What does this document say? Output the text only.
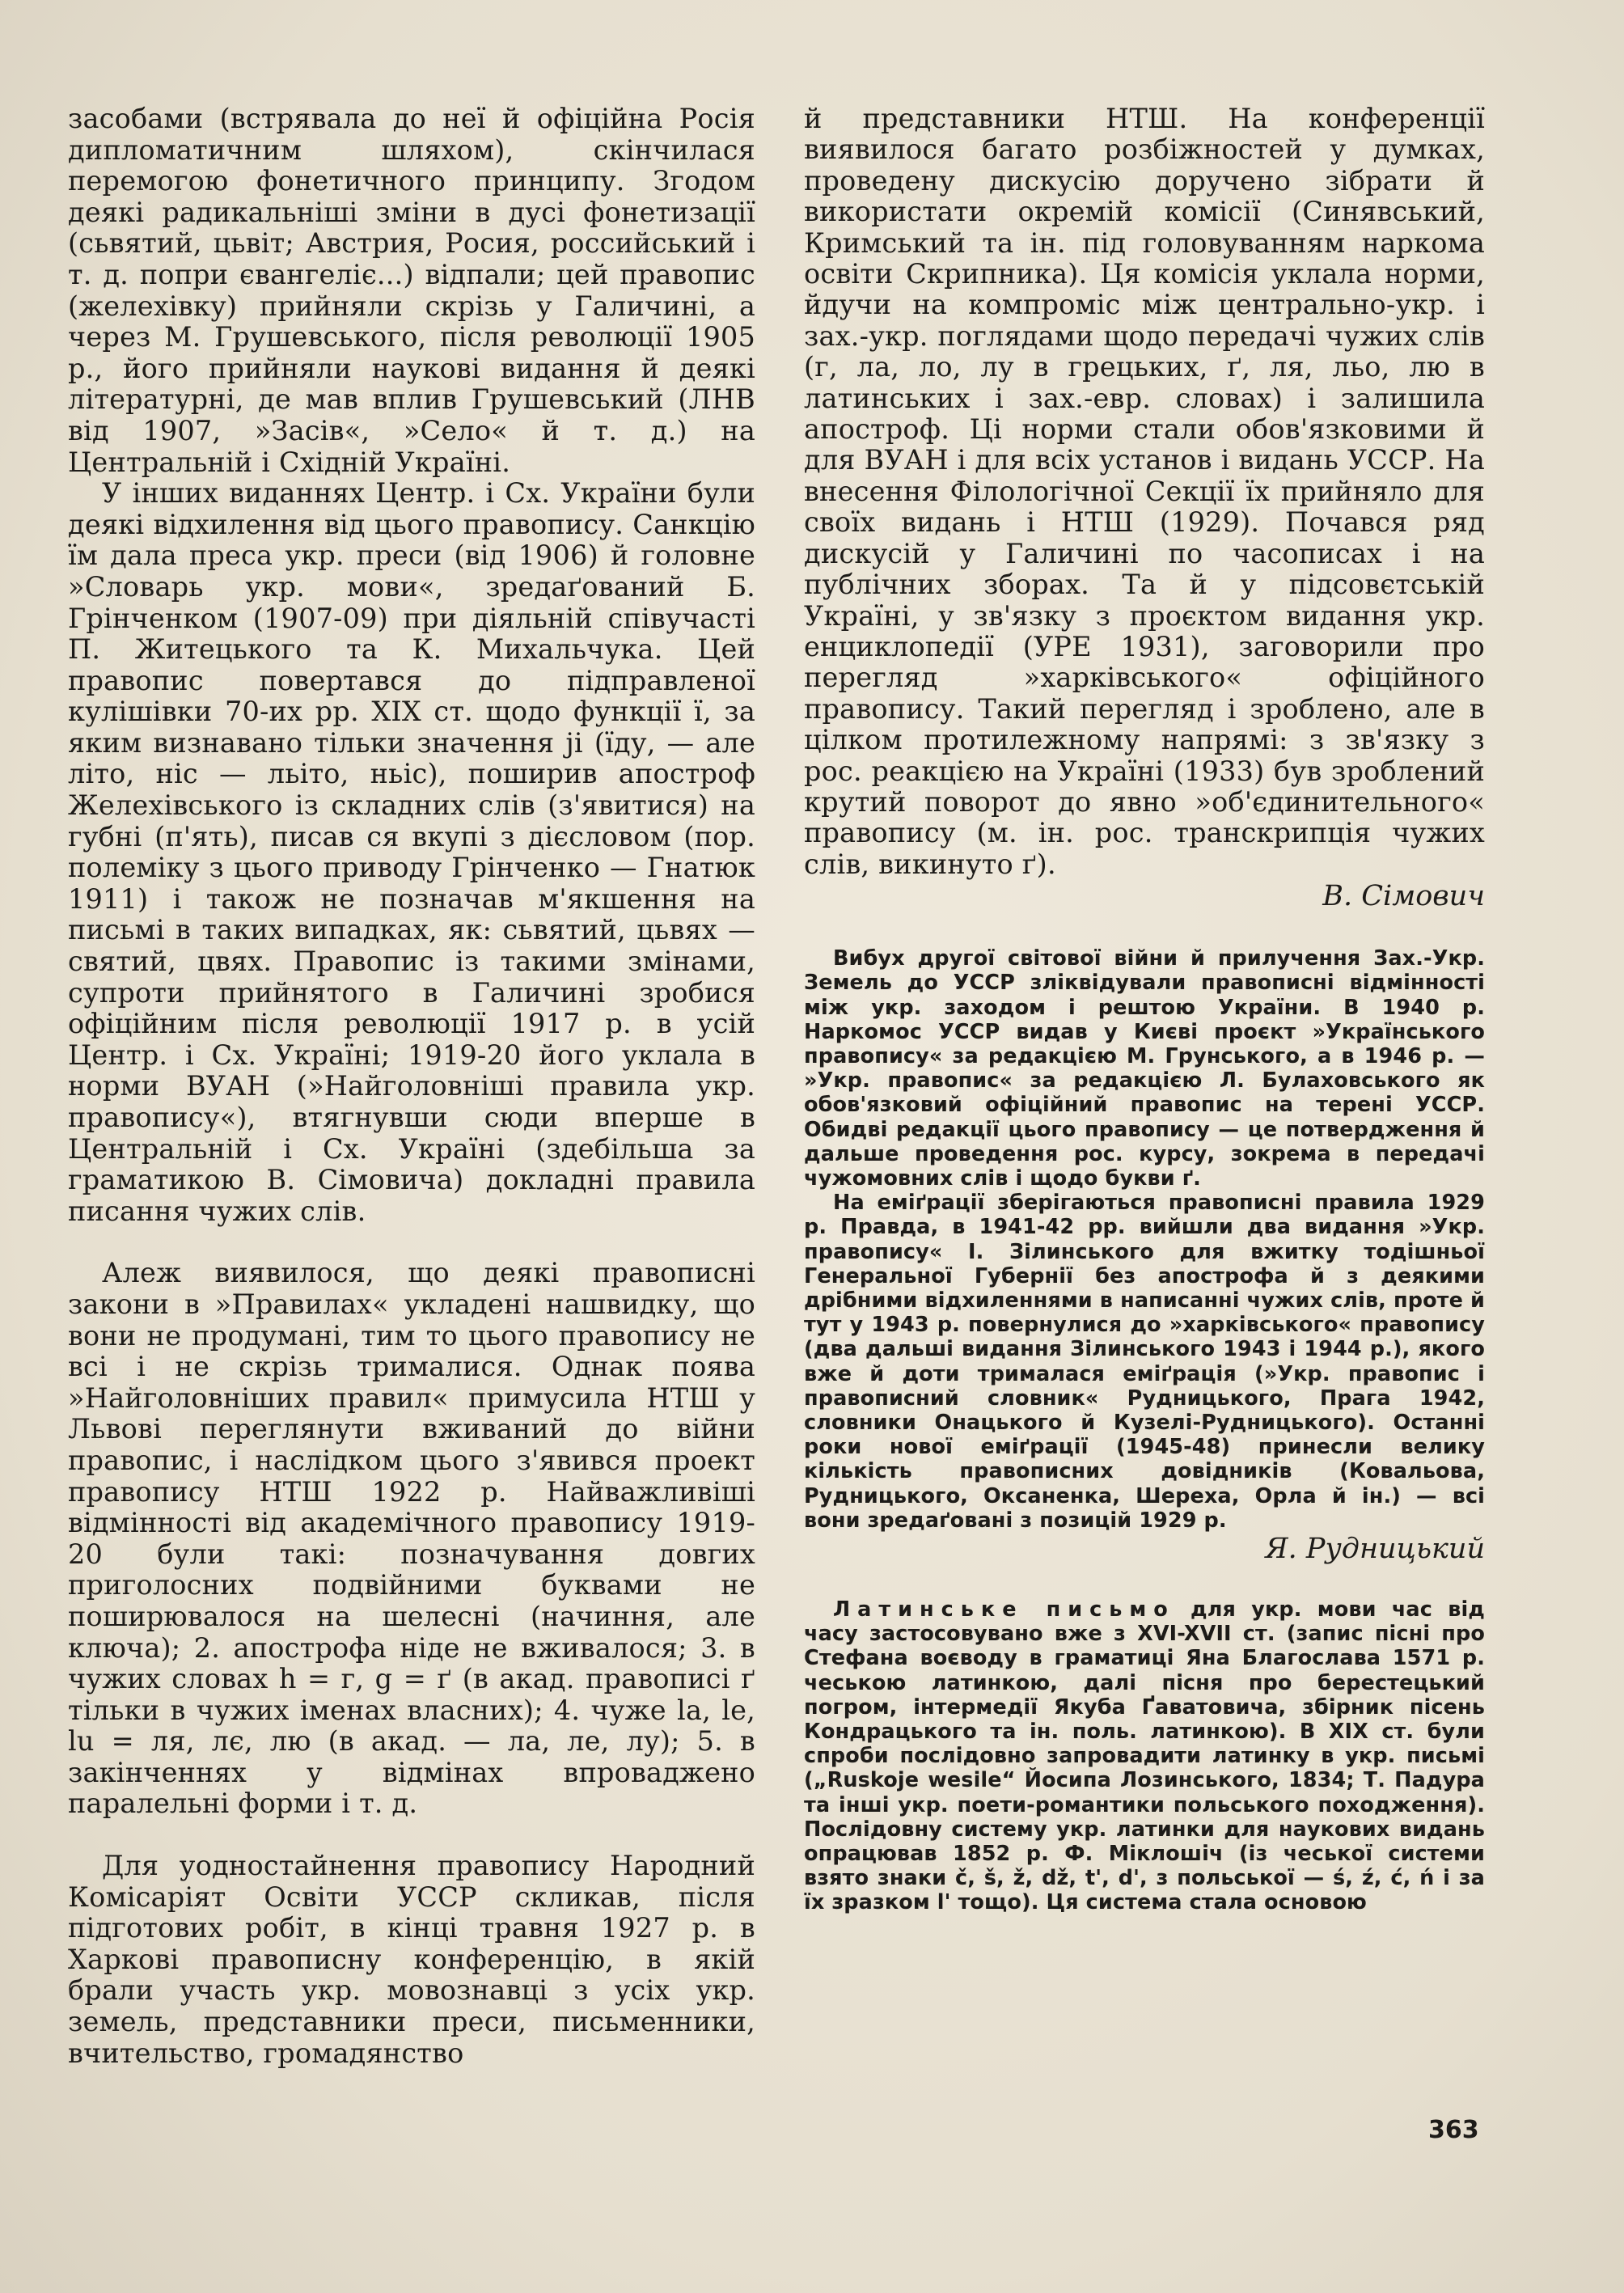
засобами (встрявала до неї й офіційна Росія дипломатичним шляхом), скінчилася перемогою фонетичного принципу. Згодом деякі радикальніші зміни в дусі фонетизації (сьвятий, цьвіт; Австрия, Росия, российський і т. д. попри євангеліє...) відпали; цей правопис (желехівку) прийняли скрізь у Галичині, а через М. Грушевського, після революції 1905 р., його прийняли наукові видання й деякі літературні, де мав вплив Грушевський (ЛНВ від 1907, »Засів«, »Село« й т. д.) на Центральній і Східній Україні.

У інших виданнях Центр. і Сх. України були деякі відхилення від цього правопису. Санкцію їм дала преса укр. преси (від 1906) й головне »Словарь укр. мови«, зредаґований Б. Грінченком (1907-09) при діяльній співучасті П. Житецького та К. Михальчука. Цей правопис повертався до підправленої кулішівки 70-их рр. XIX ст. щодо функції ї, за яким визнавано тільки значення ji (їду, — але літо, ніс — льіто, ньіс), поширив апостроф Желехівського із складних слів (з'явитися) на губні (п'ять), писав ся вкупі з дієсловом (пор. полеміку з цього приводу Грінченко — Гнатюк 1911) і також не позначав м'якшення на письмі в таких випадках, як: сьвятий, цьвях — святий, цвях. Правопис із такими змінами, супроти прийнятого в Галичині зробися офіційним після революції 1917 р. в усій Центр. і Сх. Україні; 1919-20 його уклала в норми ВУАН (»Найголовніші правила укр. правопису«), втягнувши сюди вперше в Центральній і Сх. Україні (здебільша за граматикою В. Сімовича) докладні правила писання чужих слів.

Алеж виявилося, що деякі правописні закони в »Правилах« укладені нашвидку, що вони не продумані, тим то цього правопису не всі і не скрізь трималися. Однак поява »Найголовніших правил« примусила НТШ у Львові переглянути вживаний до війни правопис, і наслідком цього з'явився проект правопису НТШ 1922 р. Найважливіші відмінності від академічного правопису 1919-20 були такі: позначування довгих приголосних подвійними буквами не поширювалося на шелесні (начиння, але ключа); 2. апострофа ніде не вживалося; 3. в чужих словах h = г, g = ґ (в акад. правописі ґ тільки в чужих іменах власних); 4. чужe la, le, lu = ля, лє, лю (в акад. — ла, ле, лу); 5. в закінченнях у відмінах впроваджено паралельні форми і т. д.

Для уодностайнення правопису Народний Комісаріят Освіти УССР скликав, після підготових робіт, в кінці травня 1927 р. в Харкові правописну конференцію, в якій брали участь укр. мовознавці з усіх укр. земель, представники преси, письменники, вчительство, громадянство

й представники НТШ. На конференції виявилося багато розбіжностей у думках, проведену дискусію доручено зібрати й використати окремій комісії (Синявський, Кримський та ін. під головуванням наркома освіти Скрипника). Ця комісія уклала норми, йдучи на компроміс між центрально-укр. і зах.-укр. поглядами щодо передачі чужих слів (г, ла, ло, лу в грецьких, ґ, ля, льо, лю в латинських і зах.-евр. словах) і залишила апостроф. Ці норми стали обов'язковими й для ВУАН і для всіх установ і видань УССР. На внесення Філологічної Секції їх прийняло для своїх видань і НТШ (1929). Почався ряд дискусій у Галичині по часописах і на публічних зборах. Та й у підсовєтській Україні, у зв'язку з проєктом видання укр. енциклопедії (УРЕ 1931), заговорили про перегляд »харківського« офіційного правопису. Такий перегляд і зроблено, але в цілком протилежному напрямі: з зв'язку з рос. реакцією на Україні (1933) був зроблений крутий поворот до явно »об'єдинительного« правопису (м. ін. рос. транскрипція чужих слів, викинуто ґ).

В. Сімович

Вибух другої світової війни й прилучення Зах.-Укр. Земель до УССР зліквідували правописні відмінності між укр. заходом і рештою України. В 1940 р. Наркомос УССР видав у Києві проєкт »Українського правопису« за редакцією М. Грунського, а в 1946 р. — »Укр. правопис« за редакцією Л. Булаховського як обов'язковий офіційний правопис на терені УССР. Обидві редакції цього правопису — це потвердження й дальше проведення рос. курсу, зокрема в передачі чужомовних слів і щодо букви ґ.

На еміґрації зберігаються правописні правила 1929 р. Правда, в 1941-42 рр. вийшли два видання »Укр. правопису« І. Зілинського для вжитку тодішньої Генеральної Губернії без апострофа й з деякими дрібними відхиленнями в написанні чужих слів, проте й тут у 1943 р. повернулися до »харківського« правопису (два дальші видання Зілинського 1943 і 1944 р.), якого вже й доти трималася еміґрація (»Укр. правопис і правописний словник« Рудницького, Прага 1942, словники Онацького й Кузелі-Рудницького). Останні роки нової еміґрації (1945-48) принесли велику кількість правописних довідників (Ковальова, Рудницького, Оксаненка, Шереха, Орла й ін.) — всі вони зредаґовані з позицій 1929 р.

Я. Рудницький

Латинське письмо для укр. мови час від часу застосовувано вже з XVI-XVII ст. (запис пісні про Стефана воєводу в граматиці Яна Благослава 1571 р. чеською латинкою, далі пісня про берестецький погром, інтермедії Якуба Ґаватовича, збірник пісень Кондрацького та ін. поль. латинкою). В XIX ст. були спроби послідовно запровадити латинку в укр. письмі („Ruskoje wesile“ Йосипа Лозинського, 1834; Т. Падура та інші укр. поети-романтики польського походження). Послідовну систему укр. латинки для наукових видань опрацював 1852 р. Ф. Міклошіч (із чеської системи взято знаки č, š, ž, dž, t', d', з польської — ś, ź, ć, ń і за їх зразком l' тощо). Ця система стала основою

363
